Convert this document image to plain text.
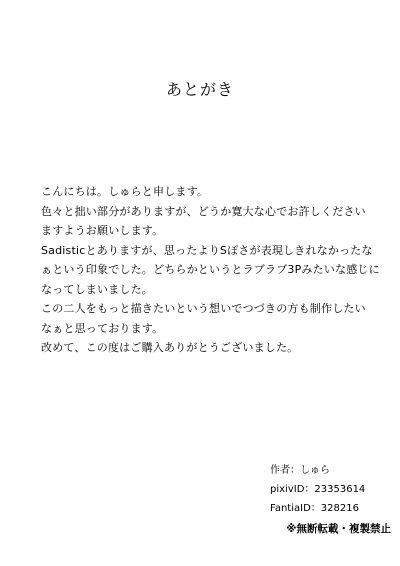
あとがき
こんにちは。しゅらと申します。
色々と拙い部分がありますが、どうか寛大な心でお許しください
ますようお願いします。
Sadisticとありますが、思ったよりSぽさが表現しきれなかったな
ぁという印象でした。どちらかというとラブラブ3Pみたいな感じに
なってしまいました。
この二人をもっと描きたいという想いでつづきの方も制作したい
なぁと思っております。
改めて、この度はご購入ありがとうございました。
作者：しゅら
pixivID：23353614
FantiaID：328216
※無断転載・複製禁止
